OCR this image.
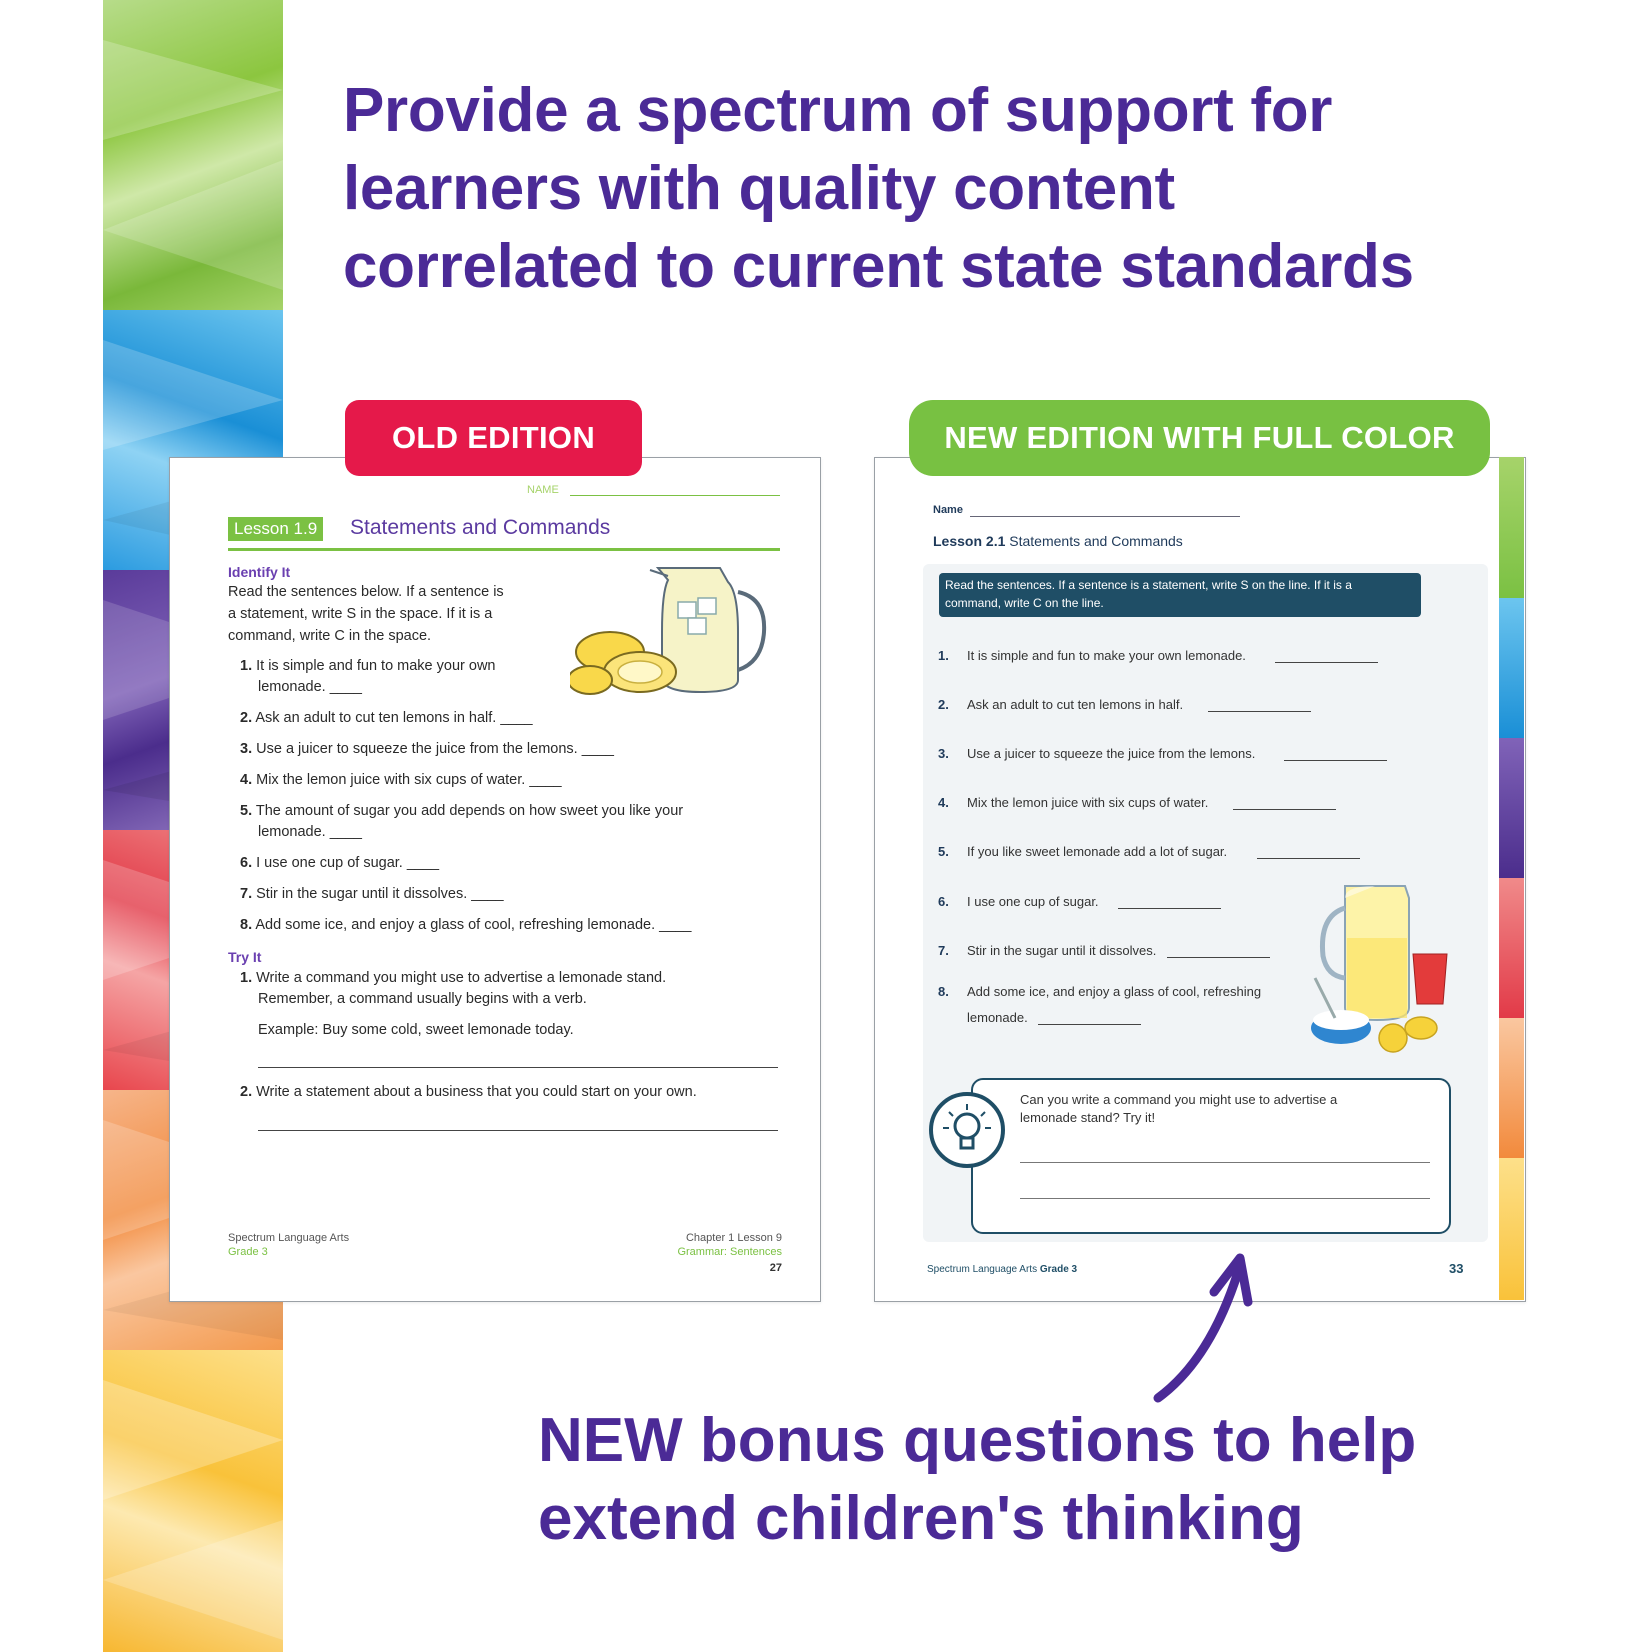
Provide a spectrum of support for
learners with quality content
correlated to current state standards
NAME
Lesson 1.9 Statements and Commands
Identify It
Read the sentences below. If a sentence is
a statement, write S in the space. If it is a
command, write C in the space.
1. It is simple and fun to make your own
lemonade. ____
2. Ask an adult to cut ten lemons in half. ____
3. Use a juicer to squeeze the juice from the lemons. ____
4. Mix the lemon juice with six cups of water. ____
5. The amount of sugar you add depends on how sweet you like your
lemonade. ____
6. I use one cup of sugar. ____
7. Stir in the sugar until it dissolves. ____
8. Add some ice, and enjoy a glass of cool, refreshing lemonade. ____
Try It
1. Write a command you might use to advertise a lemonade stand.
Remember, a command usually begins with a verb.
Example: Buy some cold, sweet lemonade today.
2. Write a statement about a business that you could start on your own.
Spectrum Language Arts
Grade 3
Chapter 1 Lesson 9
Grammar: Sentences
27
Name
Lesson 2.1 Statements and Commands
Read the sentences. If a sentence is a statement, write S on the line. If it is a
command, write C on the line.
1. It is simple and fun to make your own lemonade.
2. Ask an adult to cut ten lemons in half.
3. Use a juicer to squeeze the juice from the lemons.
4. Mix the lemon juice with six cups of water.
5. If you like sweet lemonade add a lot of sugar.
6. I use one cup of sugar.
7. Stir in the sugar until it dissolves.
8. Add some ice, and enjoy a glass of cool, refreshing
lemonade.
Can you write a command you might use to advertise a
lemonade stand? Try it!
Spectrum Language Arts Grade 3	33
OLD EDITION	NEW EDITION WITH FULL COLOR
NEW bonus questions to help
extend children's thinking
